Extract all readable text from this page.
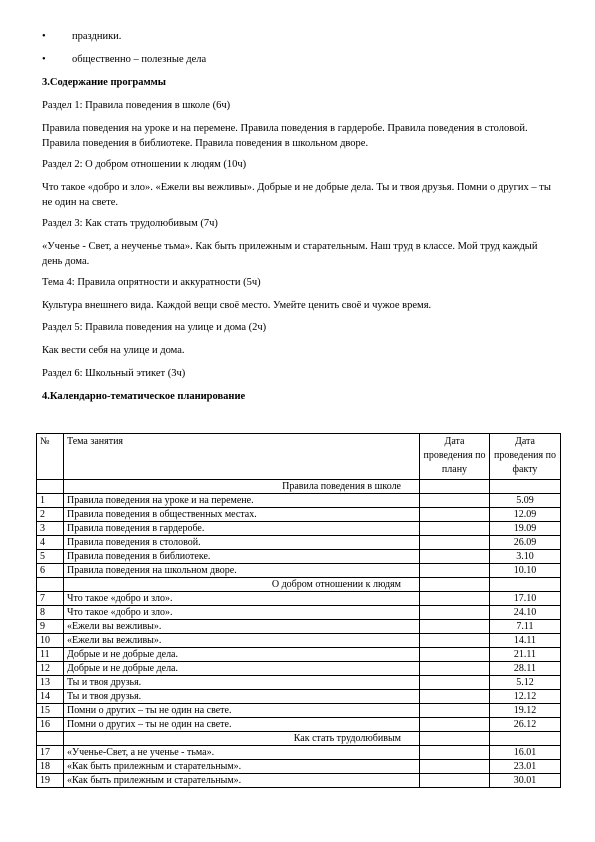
•	праздники.
•	общественно – полезные дела
3.Содержание программы
Раздел 1: Правила поведения в школе (6ч)
Правила поведения на уроке и на перемене. Правила поведения в гардеробе. Правила поведения в столовой. Правила поведения в библиотеке. Правила поведения в школьном дворе.
Раздел 2: О добром отношении к людям (10ч)
Что такое «добро и зло». «Ежели вы вежливы». Добрые и не добрые дела. Ты и твоя друзья. Помни о других – ты не один на свете.
Раздел 3: Как стать трудолюбивым (7ч)
«Ученье - Свет, а неученье тьма». Как быть прилежным и старательным. Наш труд в классе. Мой труд каждый день дома.
Тема 4: Правила опрятности и аккуратности (5ч)
Культура внешнего вида. Каждой вещи своё место. Умейте ценить своё и чужое время.
Раздел 5: Правила поведения на улице и дома (2ч)
Как вести себя на улице и дома.
Раздел 6: Школьный этикет (3ч)
4.Календарно-тематическое планирование
№	Тема занятия	Дата проведения по плану	Дата проведения по факту
	Правила поведения в школе		
1	Правила поведения на уроке и на перемене.		5.09
2	Правила поведения в общественных местах.		12.09
3	Правила поведения в гардеробе.		19.09
4	Правила поведения в столовой.		26.09
5	Правила поведения в библиотеке.		3.10
6	Правила поведения на школьном дворе.		10.10
	О добром отношении к людям		
7	Что такое «добро и зло».		17.10
8	Что такое «добро и зло».		24.10
9	«Ежели вы вежливы».		7.11
10	«Ежели вы вежливы».		14.11
11	Добрые и не добрые дела.		21.11
12	Добрые и не добрые дела.		28.11
13	Ты и твоя друзья.		5.12
14	Ты и твоя друзья.		12.12
15	Помни о других – ты не один на свете.		19.12
16	Помни о других – ты не один на свете.		26.12
	Как стать трудолюбивым		
17	«Ученье-Свет, а не ученье - тьма».		16.01
18	«Как быть прилежным и старательным».		23.01
19	«Как быть прилежным и старательным».		30.01
